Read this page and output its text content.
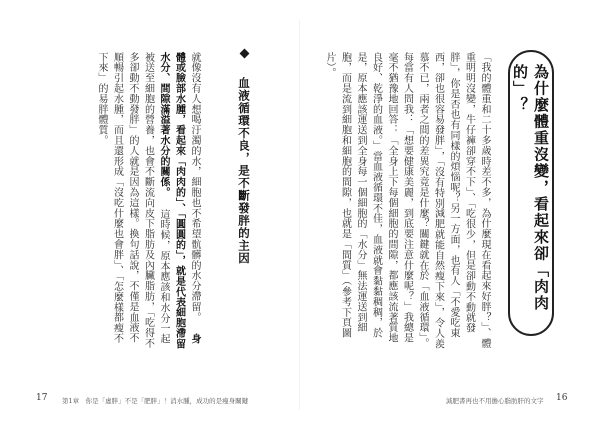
為什麼體重沒變，看起來卻「肉肉的」？
「我的體重和二十多歲時差不多，為什麼現在看起來好胖？」、體重明明沒變，牛仔褲卻穿不下」、「吃很少，但是卻動不動就發胖」，你是否也有同樣的煩惱呢？另一方面，也有人「不愛吃東西，卻也很容易發胖」，「沒有特別減肥就能自然瘦下來」，令人羨慕不已，兩者之間的差異究竟是什麼？關鍵就在於「血液循環」。每當有人問我：「想要健康美麗，到底要注意什麼呢？」我總是毫不猶豫地回答：「全身上下每個細胞的間隙，都應該流著質地良好、乾淨的血液。」當血液循環不佳，血液就會黏黏稠稠，於是，原本應該運送到全身每一個細胞的「水分」無法運送到細胞，而是流到細胞和細胞的間隙，也就是「間質」（參考下頁圖片）。
減肥書再也不用擔心脂肪肝的文字 16
血液循環不良，是不斷發胖的主因
就像沒有人想喝汙濁的水，細胞也不希望骯髒的水分滯留。 身體或臉部水腫，看起來「肉肉的」、「圓圓的」，就是代表細胞滯留水分、間隙滿溢著水分的關係。 這時候，原本應該和水分一起被送至細胞的營養，也會不斷流向皮下脂肪及內臟脂肪，「吃得不多卻動不動發胖」的人就是因為這樣。換句話說，不僅是血液不順暢引起水腫，而且還形成「沒吃什麼也會胖」、「怎麼樣都瘦不下來」的易胖體質。
17 第1章　你是「虛胖」不是「肥胖」！消水腫，成功的是瘦身關鍵
